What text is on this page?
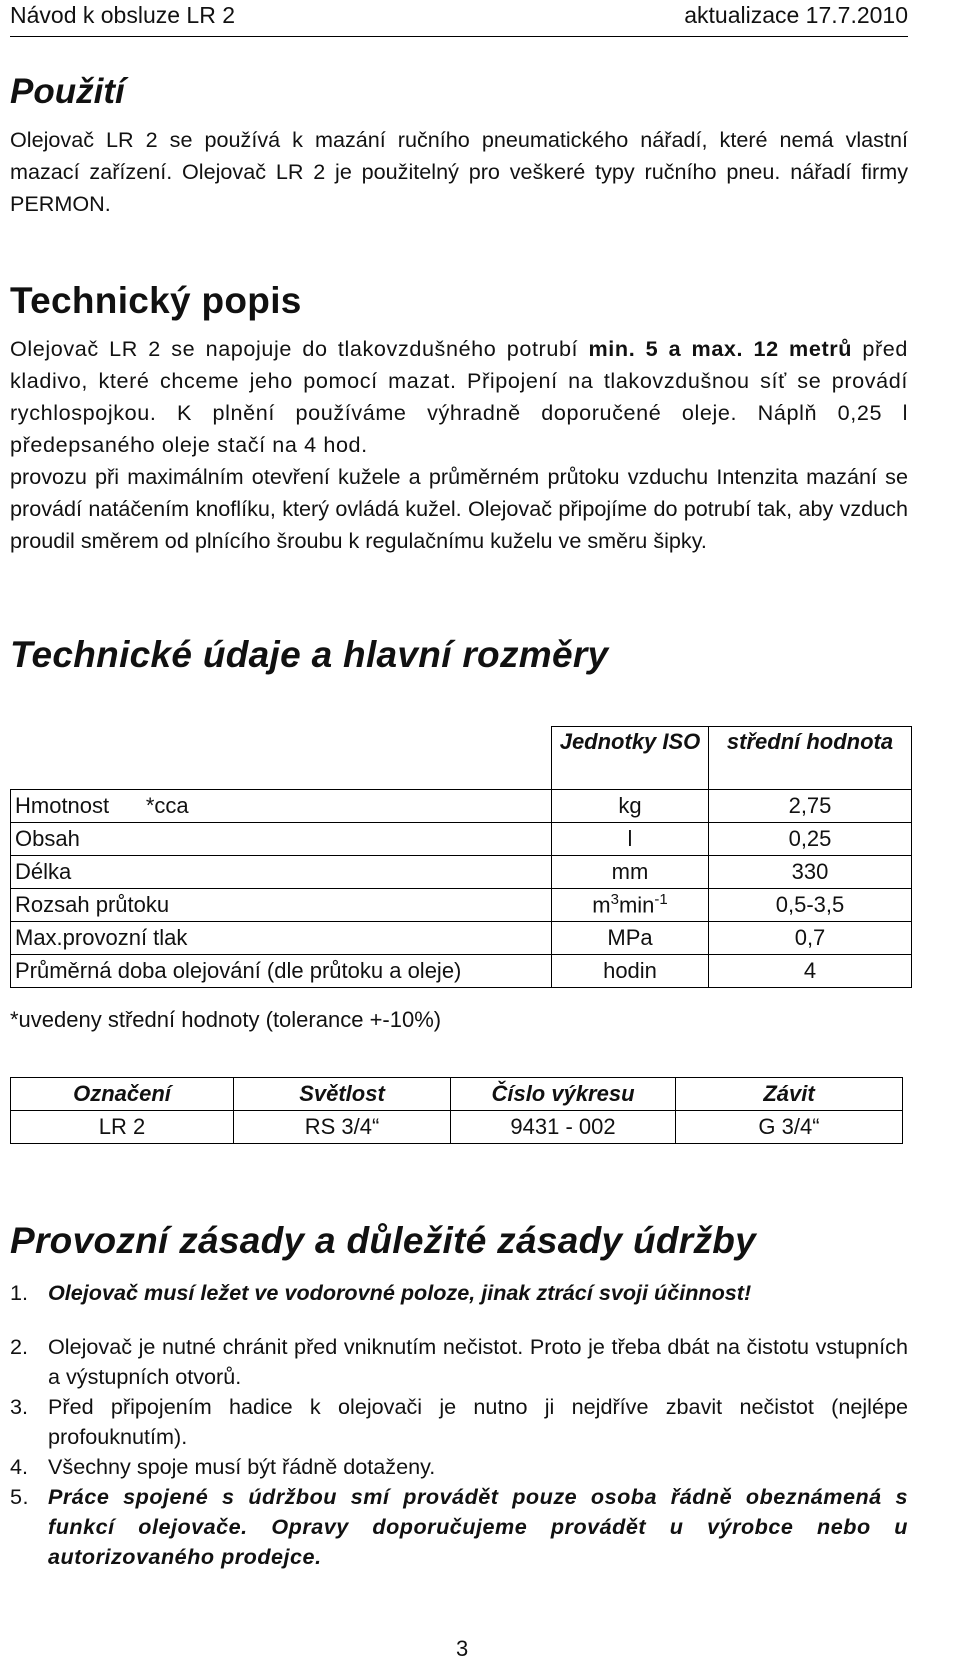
Návod k obsluze LR 2	aktualizace 17.7.2010
Použití

Olejovač LR 2 se používá k mazání ručního pneumatického nářadí, které nemá vlastní mazací zařízení. Olejovač LR 2 je použitelný pro veškeré typy ručního pneu. nářadí firmy PERMON.

Technický popis

Olejovač LR 2 se napojuje do tlakovzdušného potrubí min. 5 a max. 12 metrů před kladivo, které chceme jeho pomocí mazat. Připojení na tlakovzdušnou síť se provádí rychlospojkou. K plnění používáme výhradně doporučené oleje. Náplň 0,25 l předepsaného oleje stačí na 4 hod.

provozu při maximálním otevření kužele a průměrném průtoku vzduchu Intenzita mazání se provádí natáčením knoflíku, který ovládá kužel. Olejovač připojíme do potrubí tak, aby vzduch proudil směrem od plnícího šroubu k regulačnímu kuželu ve směru šipky.

Technické údaje a hlavní rozměry
	Jednotky ISO	střední hodnota
Hmotnost      *cca	kg	2,75
Obsah	l	0,25
Délka	mm	330
Rozsah průtoku	$m^3\min^{-1}$	0,5-3,5
Max.provozní tlak	MPa	0,7
Průměrná doba olejování (dle průtoku a oleje)	hodin	4
*uvedeny střední hodnoty (tolerance +-10%)
Označení	Světlost	Číslo výkresu	Závit
LR 2	RS 3/4“	9431 - 002	G 3/4“
Provozní zásady a důležité zásady údržby
1. Olejovač musí ležet ve vodorovné poloze, jinak ztrácí svoji účinnost!
2. Olejovač je nutné chránit před vniknutím nečistot. Proto je třeba dbát na čistotu vstupních a výstupních otvorů.
3. Před připojením hadice k olejovači je nutno ji nejdříve zbavit nečistot (nejlépe profouknutím).
4. Všechny spoje musí být řádně dotaženy.
5. Práce spojené s údržbou smí provádět pouze osoba řádně obeznámená s funkcí olejovače. Opravy doporučujeme provádět u výrobce nebo u autorizovaného prodejce.
3
